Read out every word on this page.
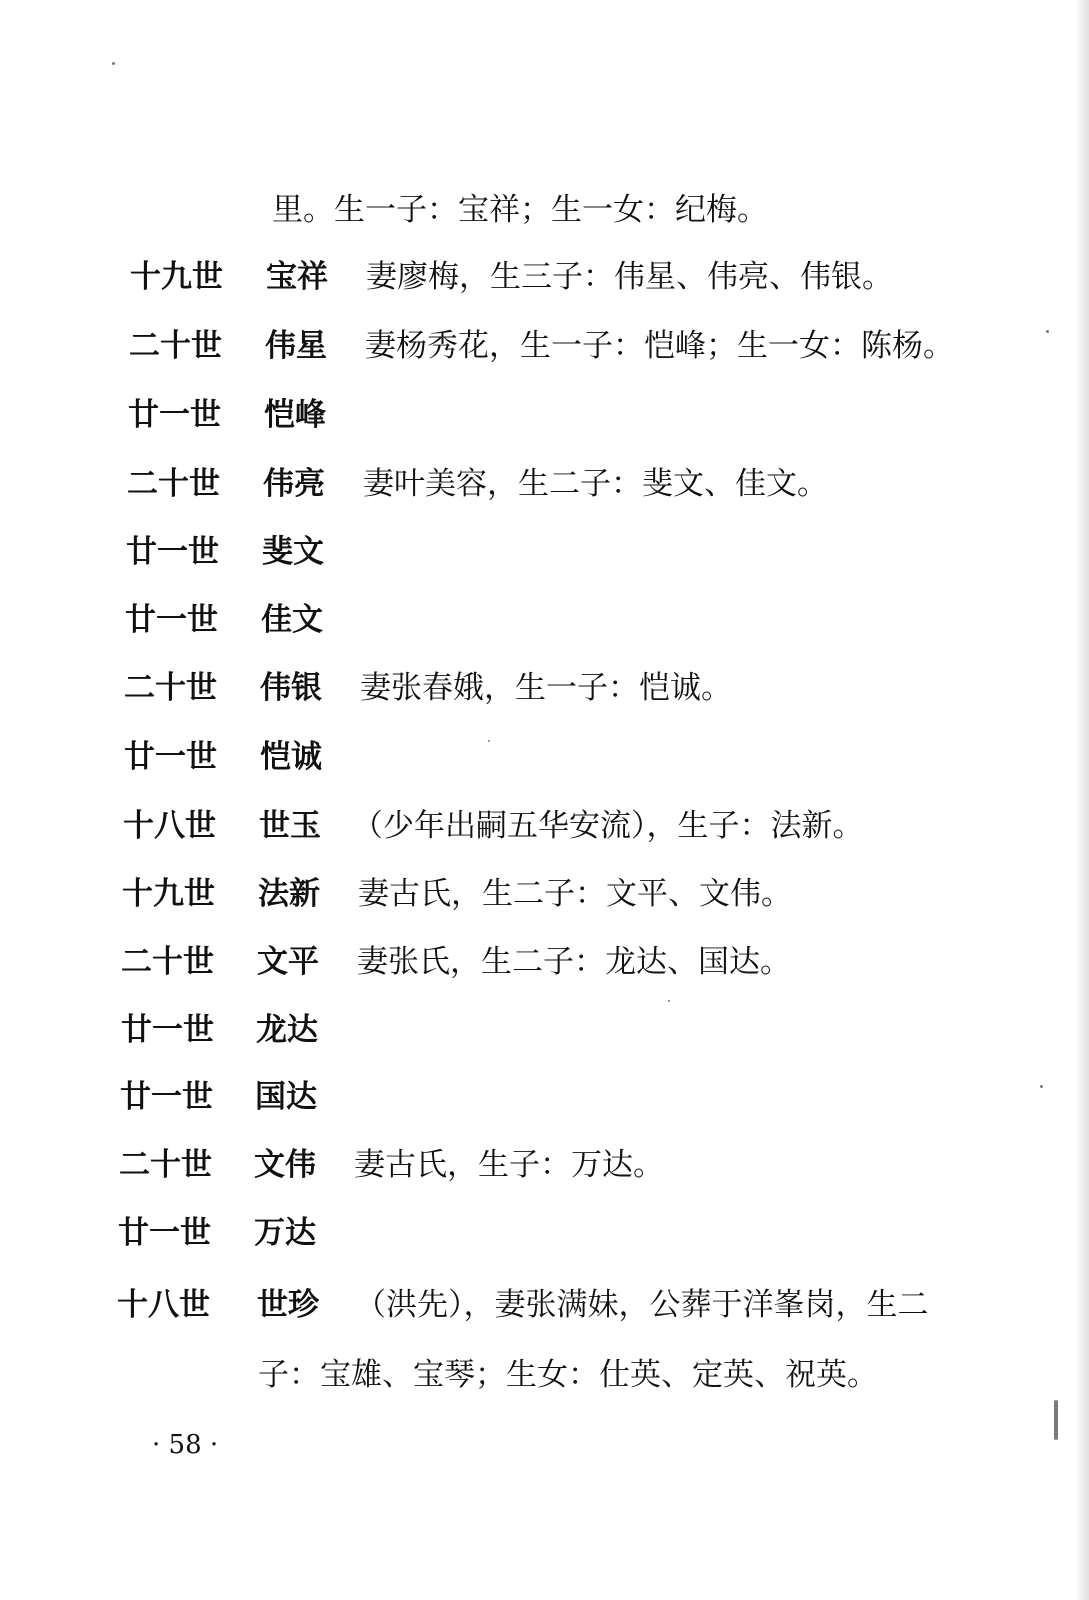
里。生一子：宝祥；生一女：纪梅。
十九世 宝祥 妻廖梅，生三子：伟星、伟亮、伟银。
二十世 伟星 妻杨秀花，生一子：恺峰；生一女：陈杨。
廿一世 恺峰
二十世 伟亮 妻叶美容，生二子：斐文、佳文。
廿一世 斐文
廿一世 佳文
二十世 伟银 妻张春娥，生一子：恺诚。
廿一世 恺诚
十八世 世玉 （少年出嗣五华安流），生子：法新。
十九世 法新 妻古氏，生二子：文平、文伟。
二十世 文平 妻张氏，生二子：龙达、国达。
廿一世 龙达
廿一世 国达
二十世 文伟 妻古氏，生子：万达。
廿一世 万达
十八世 世珍 （洪先），妻张满妹，公葬于洋峯岗，生二
子：宝雄、宝琴；生女：仕英、定英、祝英。
· 58 ·
